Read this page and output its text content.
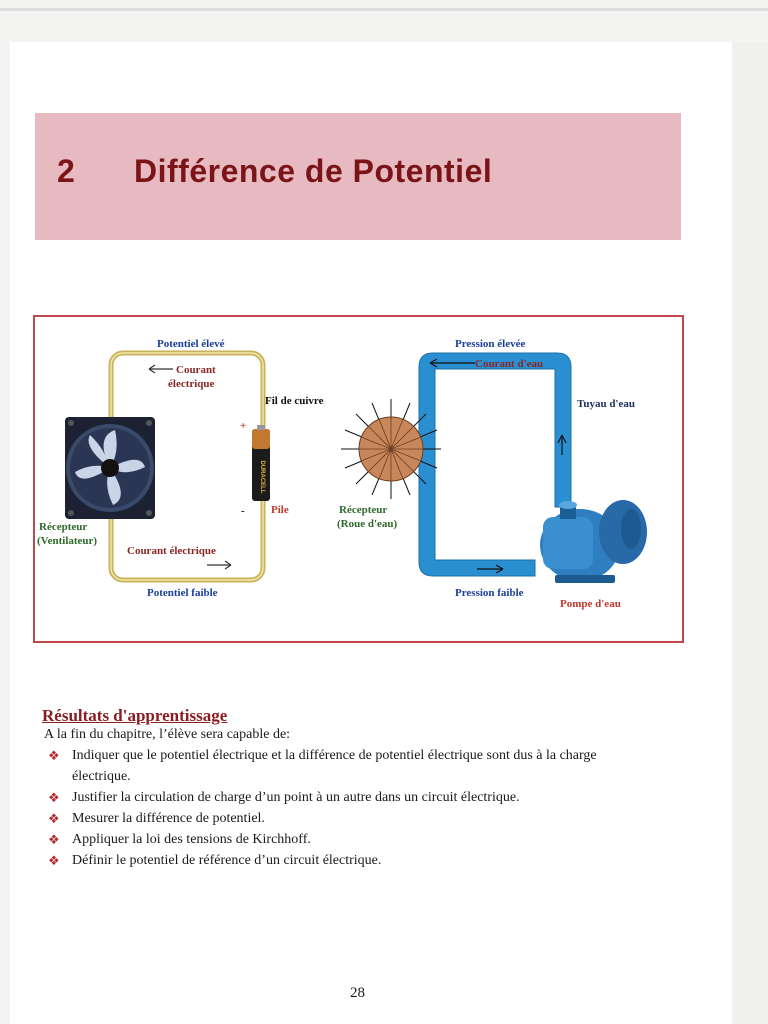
2 Différence de Potentiel
DURACELL
Potentiel élevé
Courant
électrique
Fil de cuivre
+
- Pile
Récepteur
(Ventilateur)
Courant électrique
Potentiel faible
Pression élevée
Courant d'eau
Tuyau d'eau
Récepteur
(Roue d'eau)
Pression faible
Pompe d'eau
Résultats d'apprentissage
A la fin du chapitre, l’élève sera capable de:
❖ Indiquer que le potentiel électrique et la différence de potentiel électrique sont dus à la charge électrique.
❖ Justifier la circulation de charge d’un point à un autre dans un circuit électrique.
❖ Mesurer la différence de potentiel.
❖ Appliquer la loi des tensions de Kirchhoff.
❖ Définir le potentiel de référence d’un circuit électrique.
28
